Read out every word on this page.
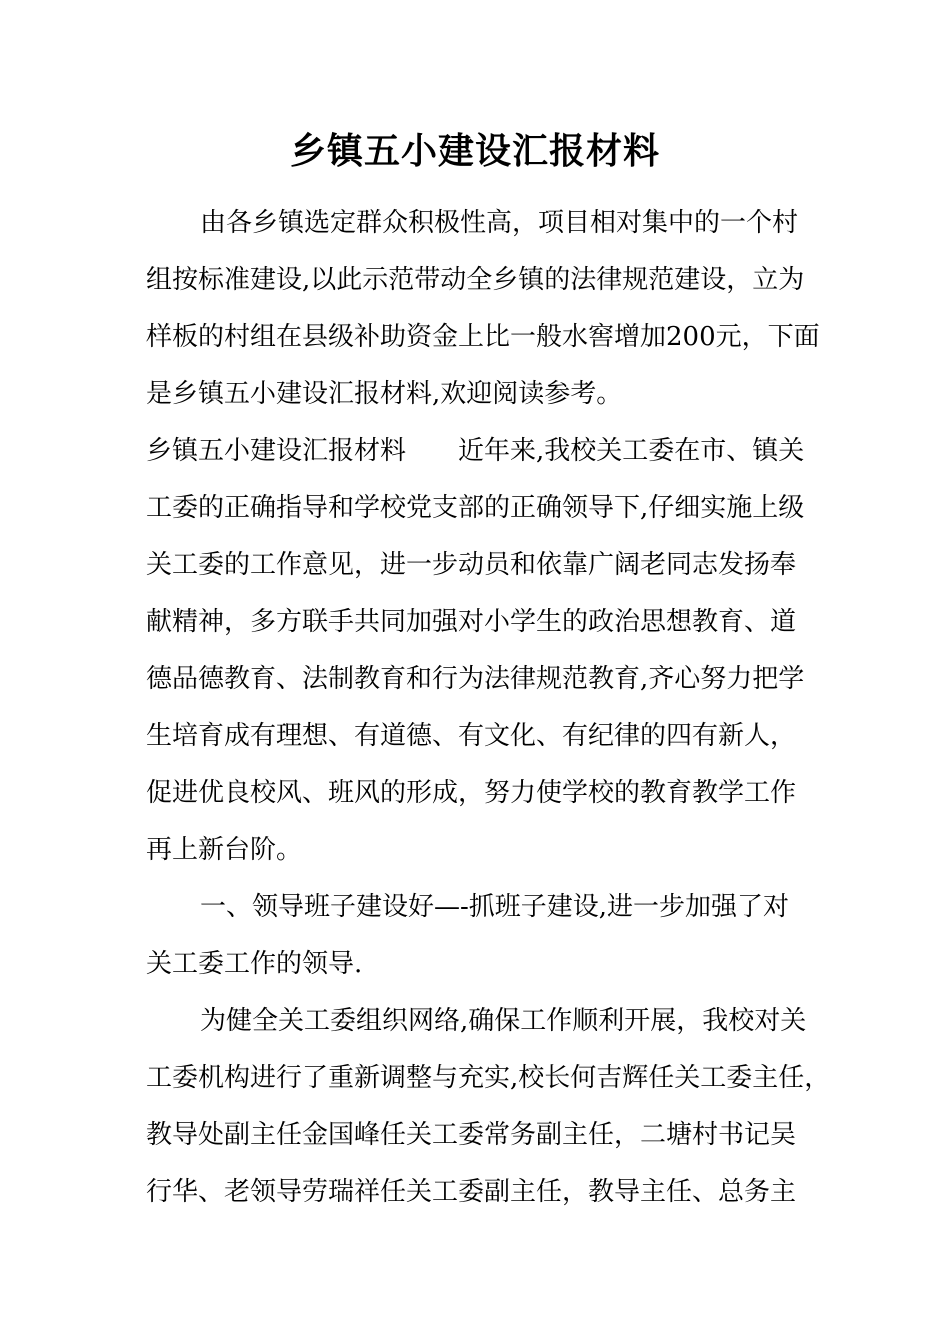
乡镇五小建设汇报材料
由各乡镇选定群众积极性高，项目相对集中的一个村
组按标准建设,以此示范带动全乡镇的法律规范建设，立为
样板的村组在县级补助资金上比一般水窖增加200元，下面
是乡镇五小建设汇报材料,欢迎阅读参考。
乡镇五小建设汇报材料　　近年来,我校关工委在市、镇关
工委的正确指导和学校党支部的正确领导下,仔细实施上级
关工委的工作意见，进一步动员和依靠广阔老同志发扬奉
献精神，多方联手共同加强对小学生的政治思想教育、道
德品德教育、法制教育和行为法律规范教育,齐心努力把学
生培育成有理想、有道德、有文化、有纪律的四有新人，
促进优良校风、班风的形成，努力使学校的教育教学工作
再上新台阶。
一、领导班子建设好—-抓班子建设,进一步加强了对
关工委工作的领导.
为健全关工委组织网络,确保工作顺利开展，我校对关
工委机构进行了重新调整与充实,校长何吉辉任关工委主任，
教导处副主任金国峰任关工委常务副主任，二塘村书记吴
行华、老领导劳瑞祥任关工委副主任，教导主任、总务主
